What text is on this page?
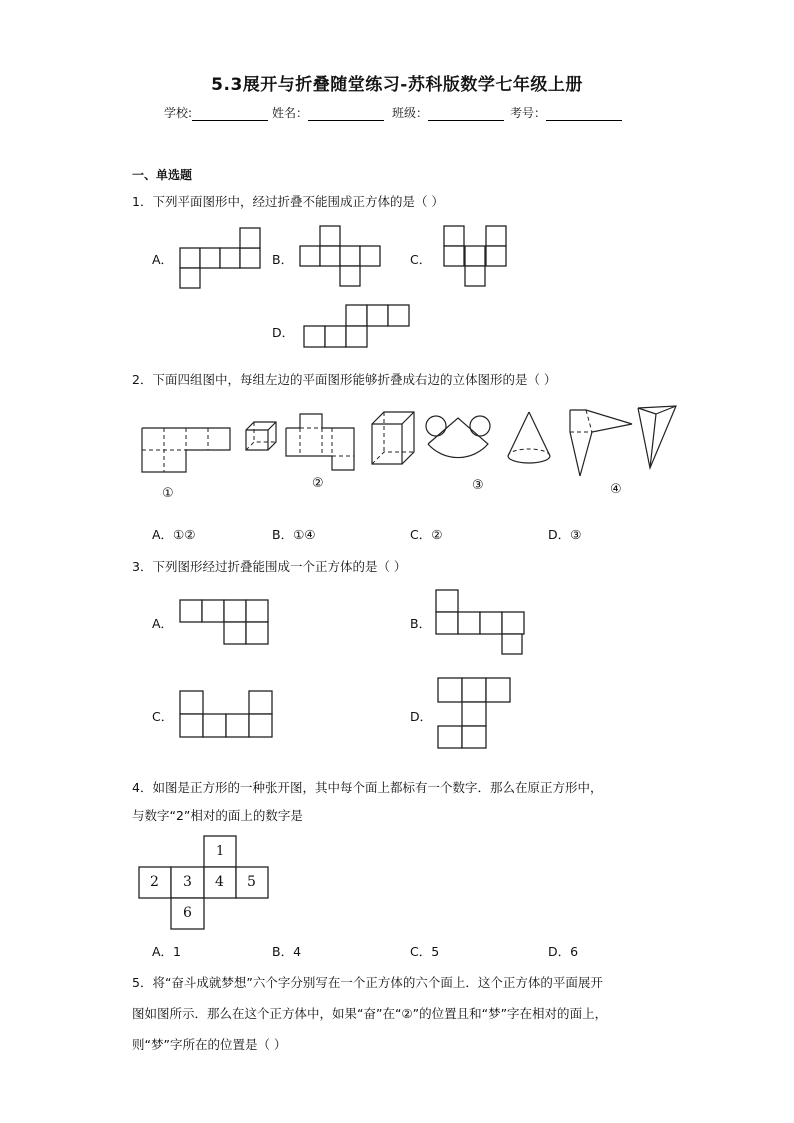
5.3展开与折叠随堂练习-苏科版数学七年级上册
学校:	姓名：	班级：	考号：
一、单选题
1．下列平面图形中，经过折叠不能围成正方体的是（ ）
A．	B．	C．
D．
2．下面四组图中，每组左边的平面图形能够折叠成右边的立体图形的是（ ）
①
②	③	④
A．①②	B．①④	C．②	D．③
3．下列图形经过折叠能围成一个正方体的是（ ）
A．	B．
C．	D．
4．如图是正方形的一种张开图，其中每个面上都标有一个数字．那么在原正方形中，
与数字“2”相对的面上的数字是
1
2 3 4 5
6
A．1	B．4	C．5	D．6
5．将“奋斗成就梦想”六个字分别写在一个正方体的六个面上．这个正方体的平面展开
图如图所示．那么在这个正方体中，如果“奋”在“②”的位置且和“梦”字在相对的面上，
则“梦”字所在的位置是（ ）
